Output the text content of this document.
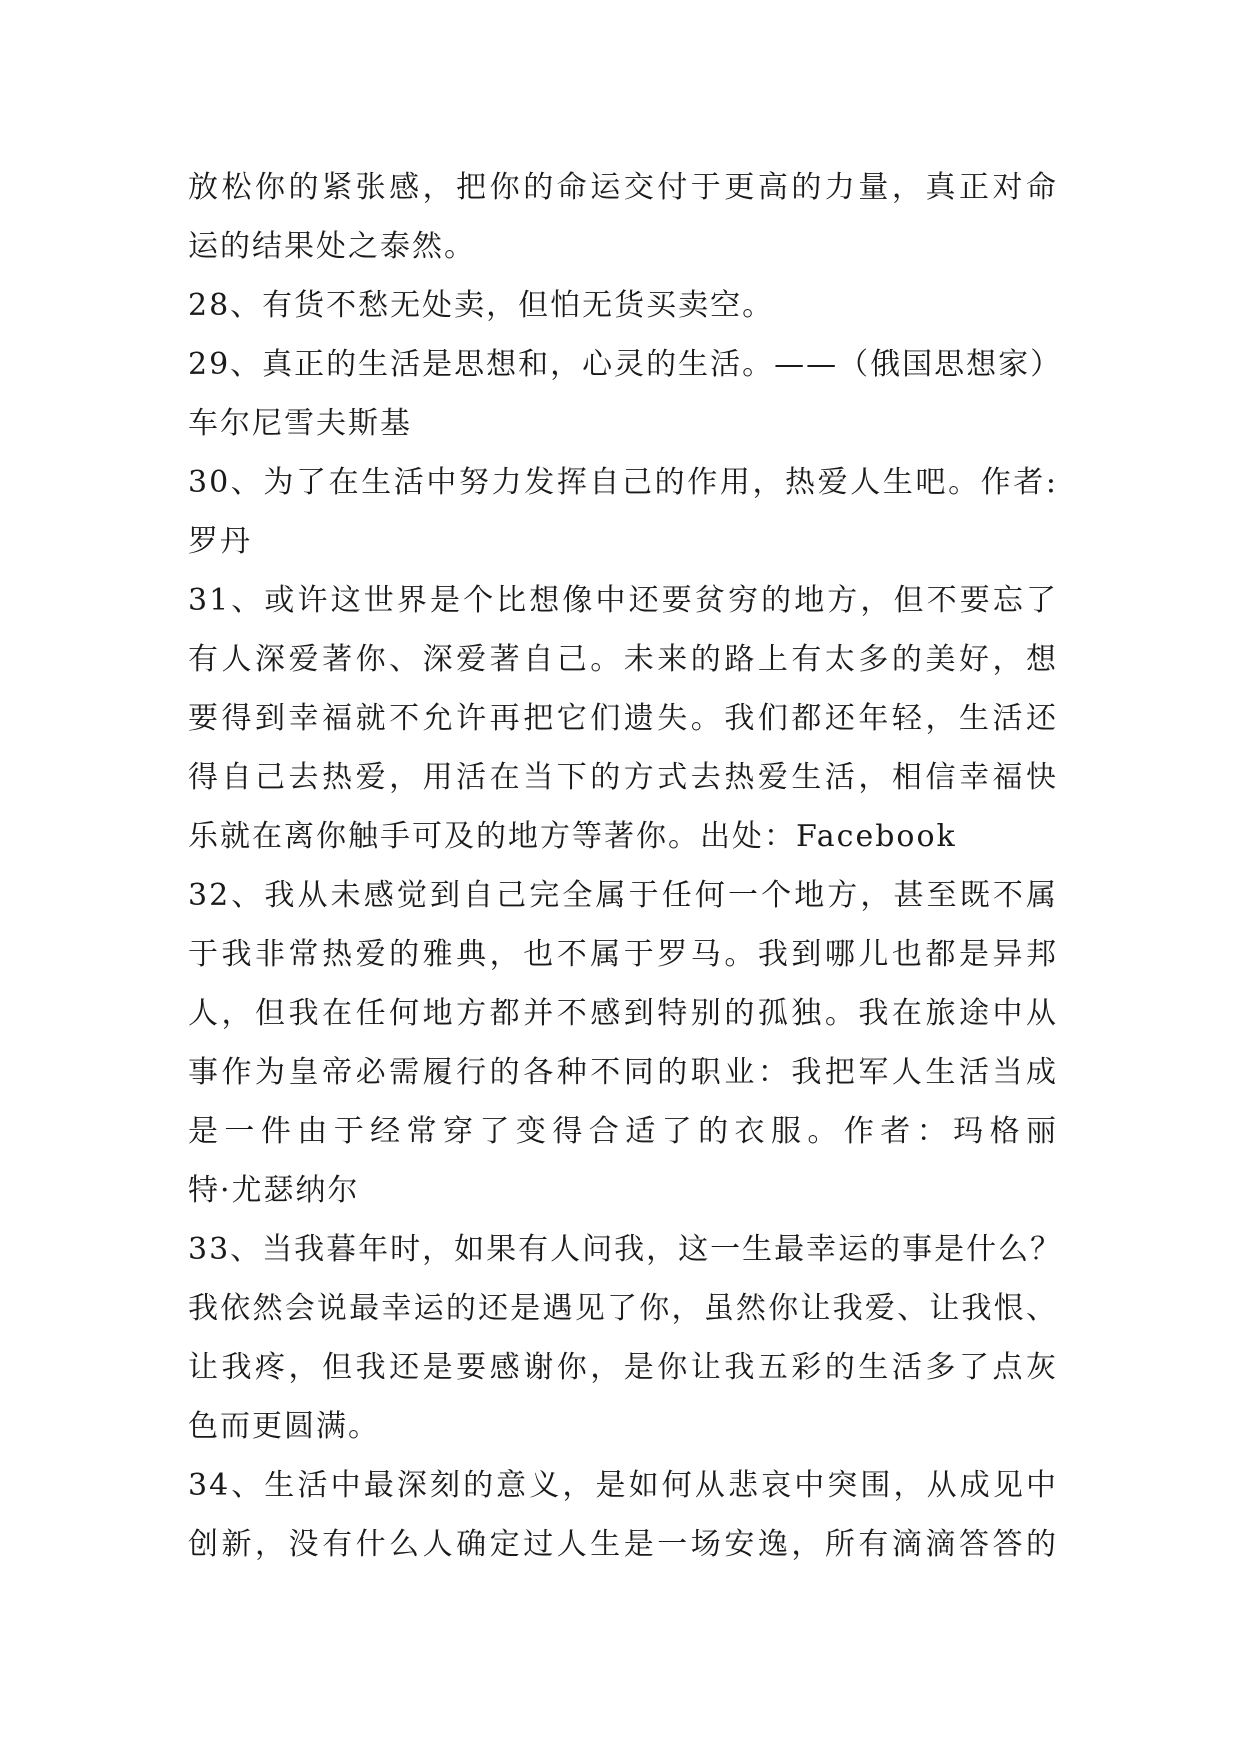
放松你的紧张感，把你的命运交付于更高的力量，真正对命
运的结果处之泰然。
28、有货不愁无处卖，但怕无货买卖空。
29、真正的生活是思想和，心灵的生活。——（俄国思想家）
车尔尼雪夫斯基
30、为了在生活中努力发挥自己的作用，热爱人生吧。作者:
罗丹
31、或许这世界是个比想像中还要贫穷的地方，但不要忘了
有人深爱著你、深爱著自己。未来的路上有太多的美好，想
要得到幸福就不允许再把它们遗失。我们都还年轻，生活还
得自己去热爱，用活在当下的方式去热爱生活，相信幸福快
乐就在离你触手可及的地方等著你。出处：Facebook
32、我从未感觉到自己完全属于任何一个地方，甚至既不属
于我非常热爱的雅典，也不属于罗马。我到哪儿也都是异邦
人，但我在任何地方都并不感到特别的孤独。我在旅途中从
事作为皇帝必需履行的各种不同的职业：我把军人生活当成
是一件由于经常穿了变得合适了的衣服。作者：玛格丽
特·尤瑟纳尔
33、当我暮年时，如果有人问我，这一生最幸运的事是什么？
我依然会说最幸运的还是遇见了你，虽然你让我爱、让我恨、
让我疼，但我还是要感谢你，是你让我五彩的生活多了点灰
色而更圆满。
34、生活中最深刻的意义，是如何从悲哀中突围，从成见中
创新，没有什么人确定过人生是一场安逸，所有滴滴答答的
